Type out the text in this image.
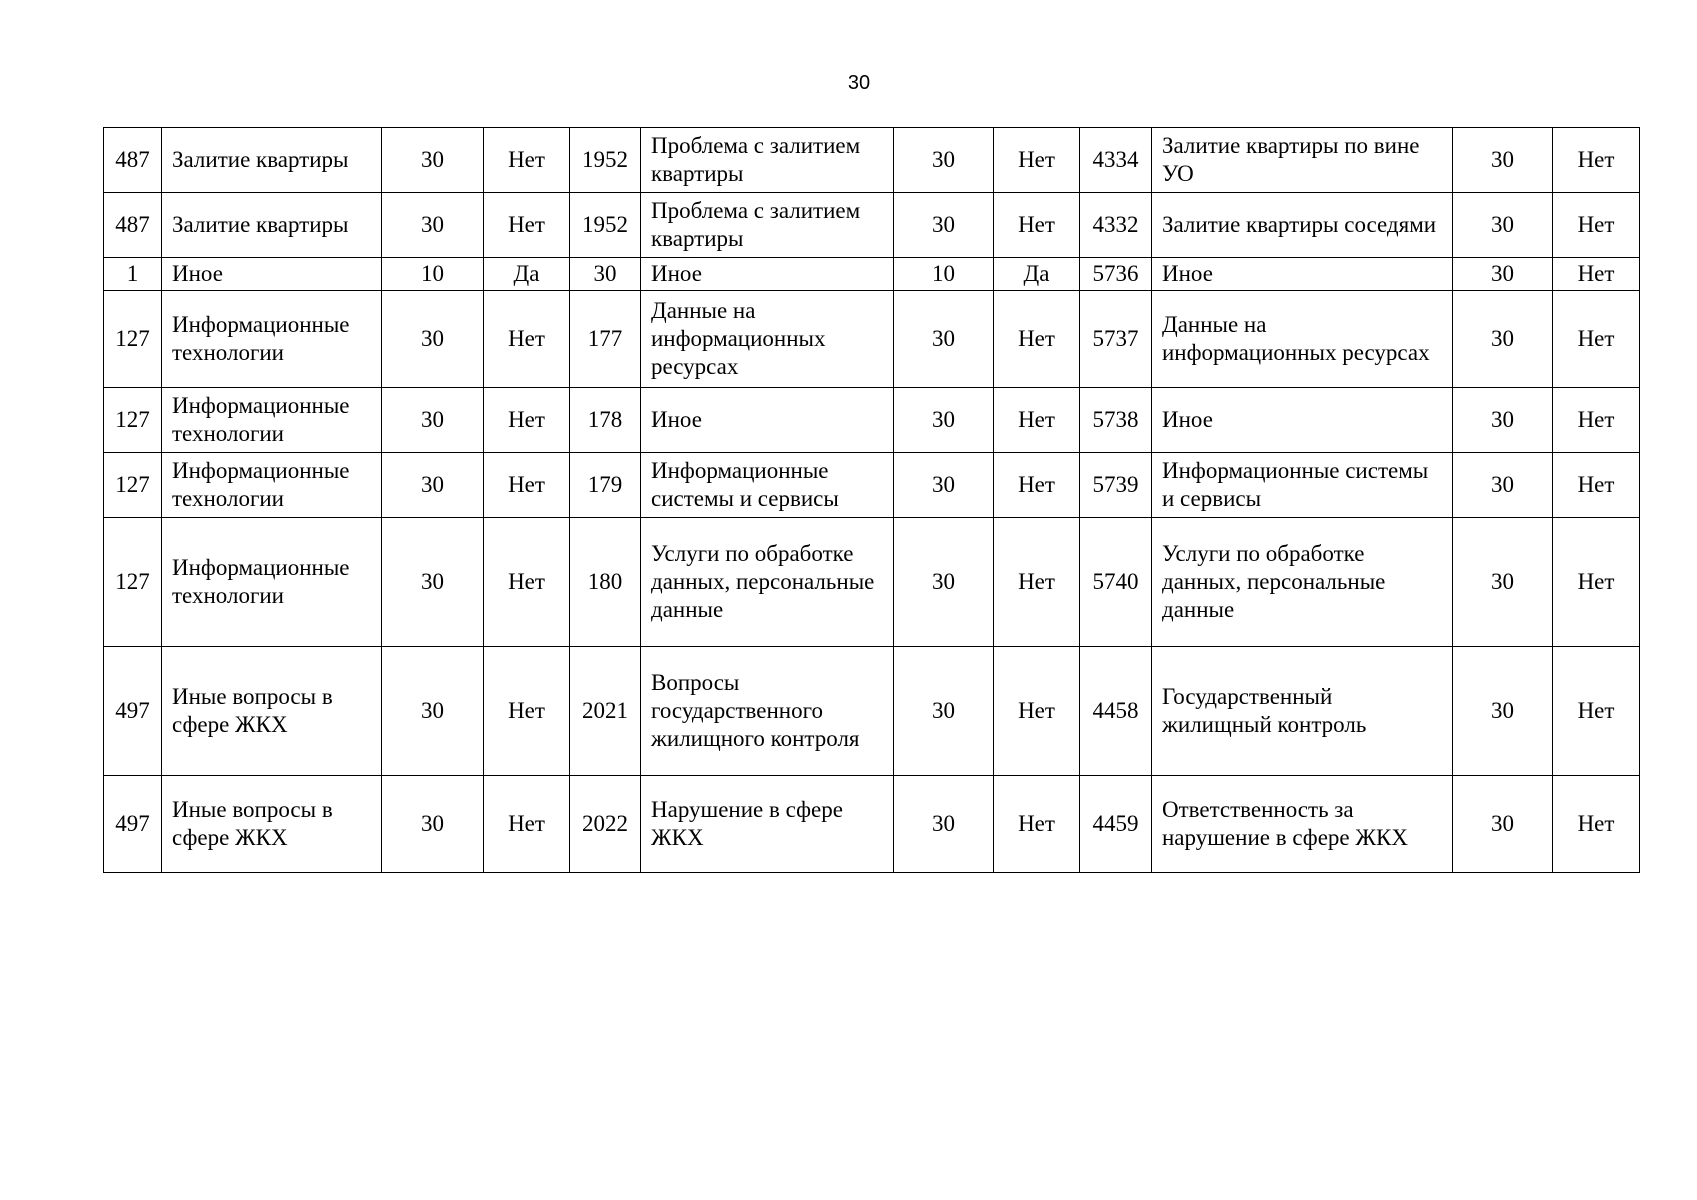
30
487	Залитие квартиры	30	Нет	1952	Проблема с залитием квартиры	30	Нет	4334	Залитие квартиры по вине УО	30	Нет
487	Залитие квартиры	30	Нет	1952	Проблема с залитием квартиры	30	Нет	4332	Залитие квартиры соседями	30	Нет
1	Иное	10	Да	30	Иное	10	Да	5736	Иное	30	Нет
127	Информационные технологии	30	Нет	177	Данные на информационных ресурсах	30	Нет	5737	Данные на информационных ресурсах	30	Нет
127	Информационные технологии	30	Нет	178	Иное	30	Нет	5738	Иное	30	Нет
127	Информационные технологии	30	Нет	179	Информационные системы и сервисы	30	Нет	5739	Информационные системы и сервисы	30	Нет
127	Информационные технологии	30	Нет	180	Услуги по обработке данных, персональные данные	30	Нет	5740	Услуги по обработке данных, персональные данные	30	Нет
497	Иные вопросы в сфере ЖКХ	30	Нет	2021	Вопросы государственного жилищного контроля	30	Нет	4458	Государственный жилищный контроль	30	Нет
497	Иные вопросы в сфере ЖКХ	30	Нет	2022	Нарушение в сфере ЖКХ	30	Нет	4459	Ответственность за нарушение в сфере ЖКХ	30	Нет
